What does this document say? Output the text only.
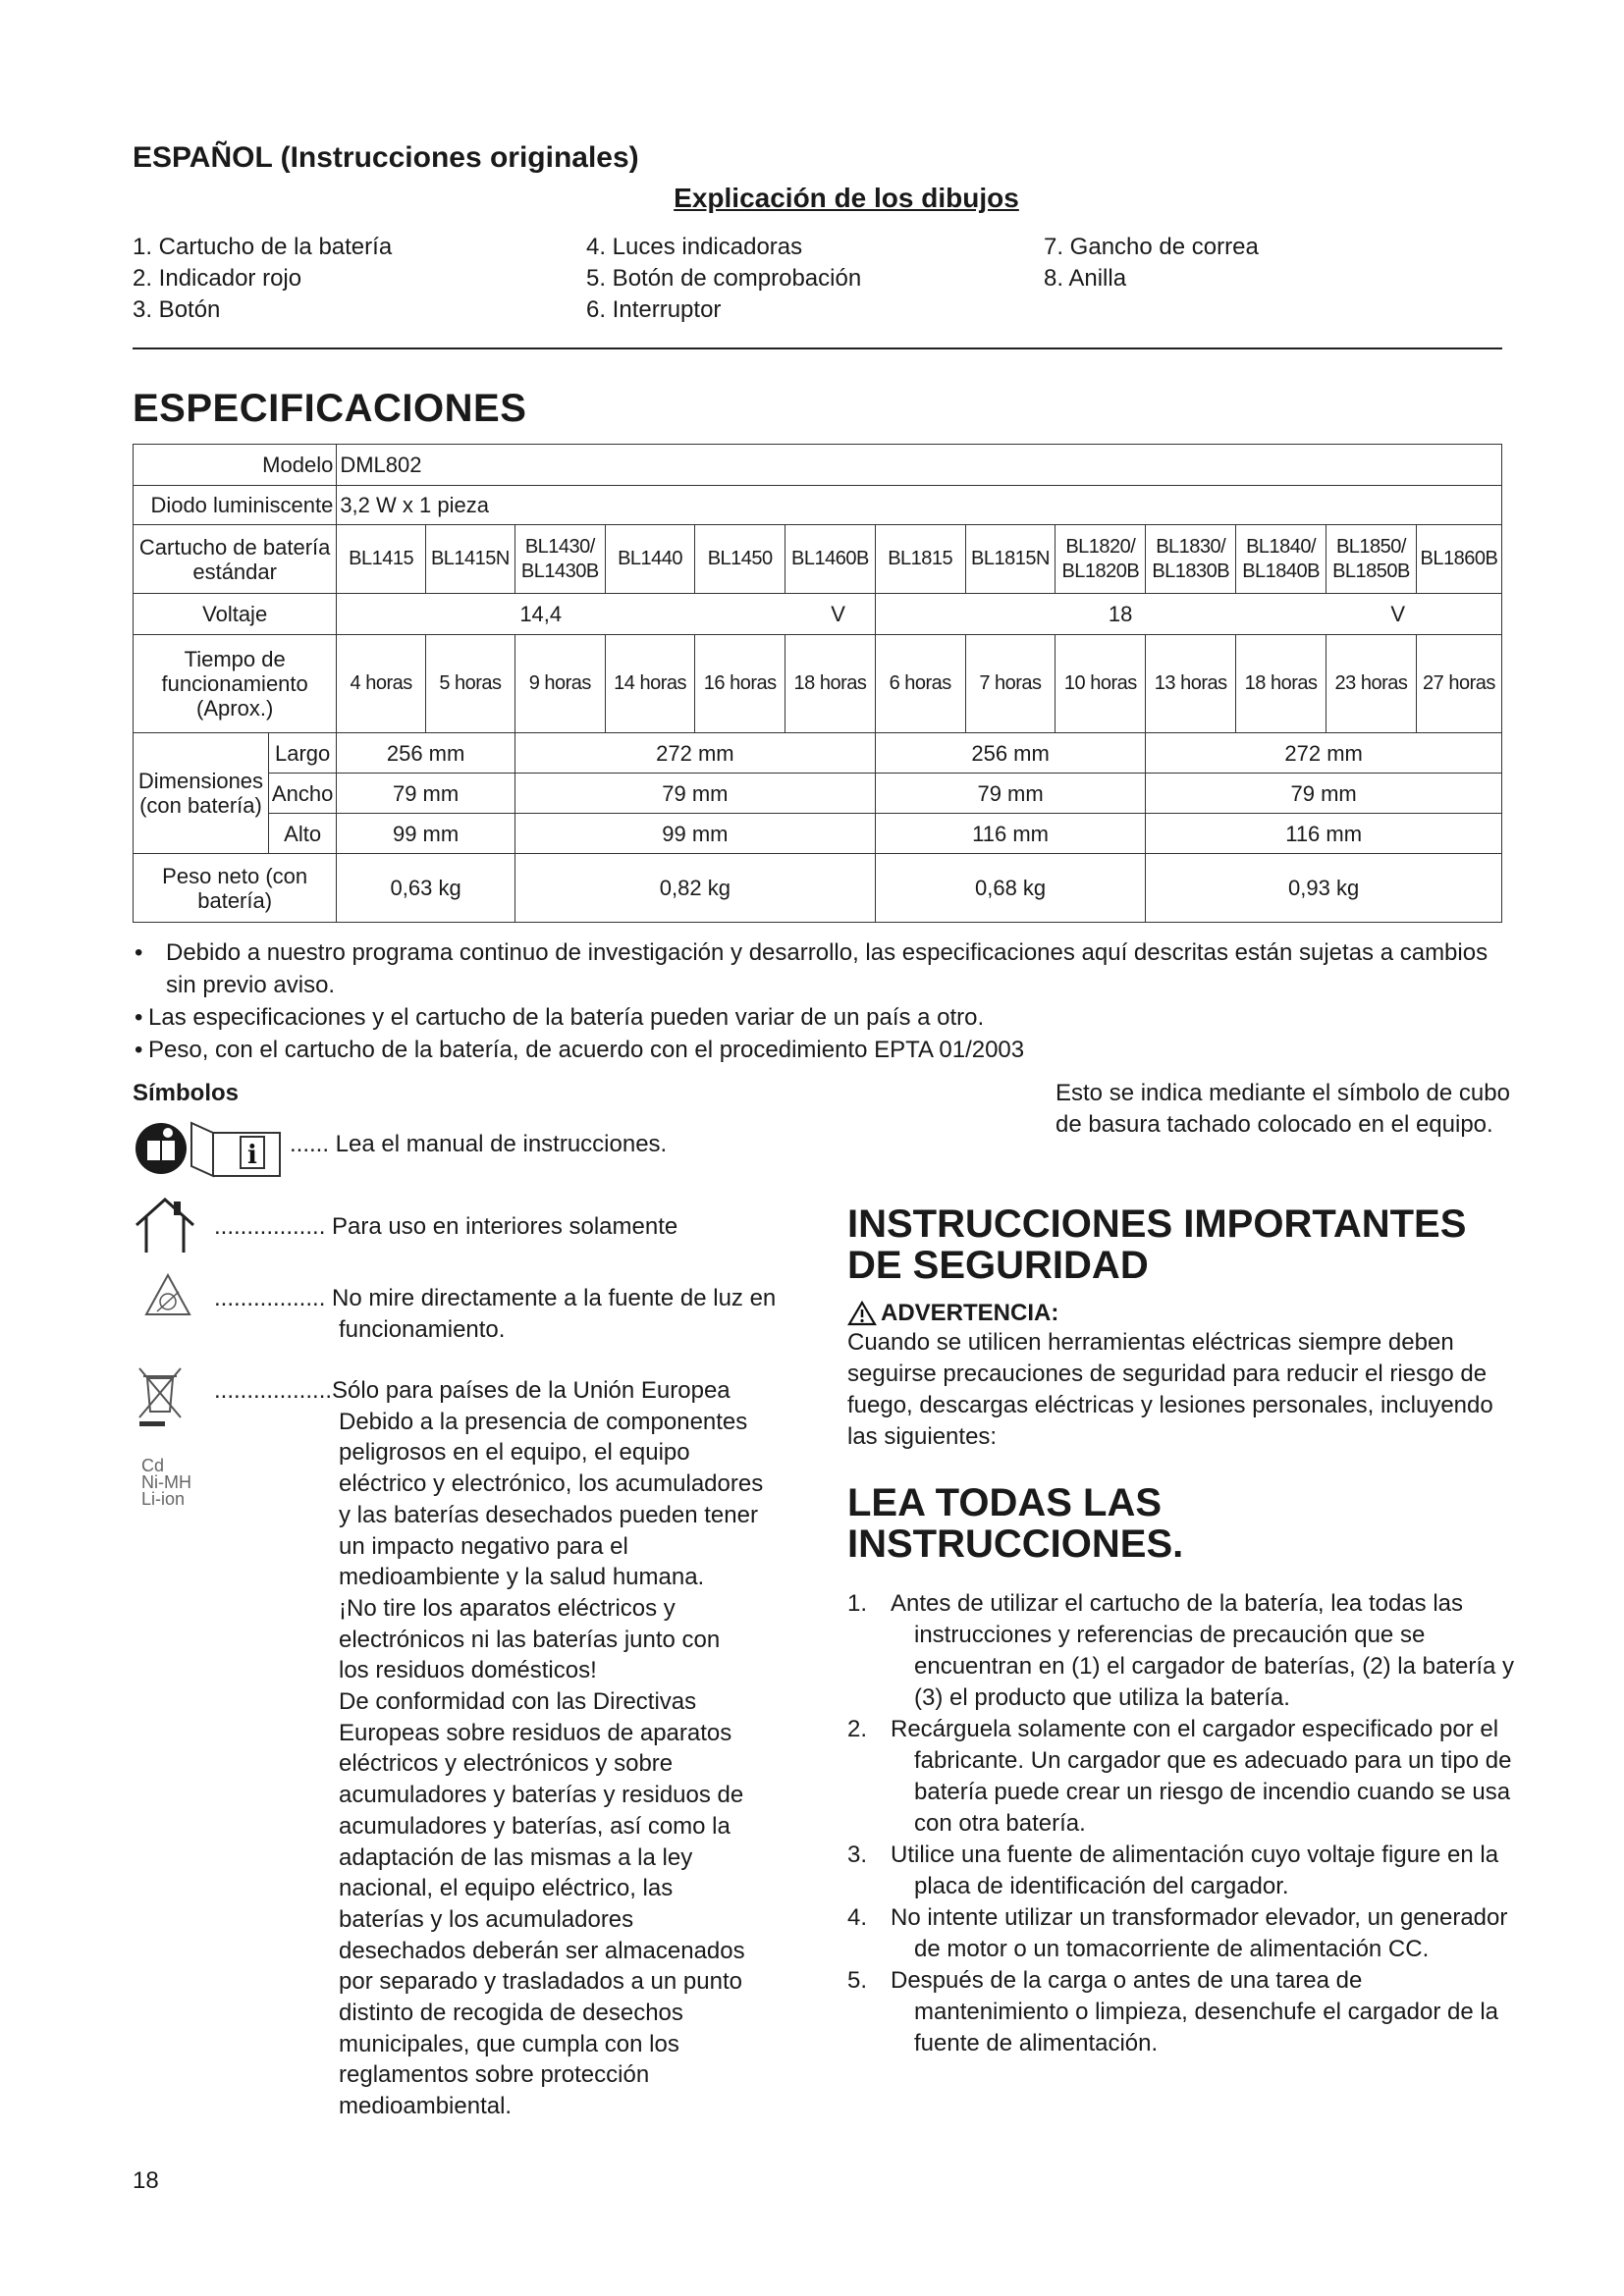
ESPAÑOL (Instrucciones originales)
Explicación de los dibujos
1. Cartucho de la batería
2. Indicador rojo
3. Botón
4. Luces indicadoras
5. Botón de comprobación
6. Interruptor
7. Gancho de correa
8. Anilla
ESPECIFICACIONES
Modelo		DML802												
Diodo luminiscente		3,2 W x 1 pieza												
Cartucho de batería estándar		BL1415	BL1415N	BL1430/ BL1430B	BL1440	BL1450	BL1460B	BL1815	BL1815N	BL1820/ BL1820B	BL1830/ BL1830B	BL1840/ BL1840B	BL1850/ BL1850B	BL1860B
Voltaje		14,4 V						18 V						

Tiempo de funcionamiento (Aprox.)		4 horas	5 horas	9 horas	14 horas	16 horas	18 horas	6 horas	7 horas	10 horas	13 horas	18 horas	23 horas	27 horas
Dimensiones (con batería)	Largo	256 mm		272 mm				256 mm			272 mm			
	Ancho	79 mm		79 mm				79 mm			79 mm			
	Alto	99 mm		99 mm				116 mm			116 mm			
Peso neto (con batería)		0,63 kg		0,82 kg				0,68 kg			0,93 kg			
• Debido a nuestro programa continuo de investigación y desarrollo, las especificaciones aquí descritas están sujetas a cambios sin previo aviso.
• Las especificaciones y el cartucho de la batería pueden variar de un país a otro.
• Peso, con el cartucho de la batería, de acuerdo con el procedimiento EPTA 01/2003
Símbolos
i ...... Lea el manual de instrucciones.
................. Para uso en interiores solamente
................. No mire directamente a la fuente de luz en funcionamiento.
Cd
Ni-MH
Li-ion
..................Sólo para países de la Unión Europea
Debido a la presencia de componentes
peligrosos en el equipo, el equipo
eléctrico y electrónico, los acumuladores
y las baterías desechados pueden tener
un impacto negativo para el
medioambiente y la salud humana.
¡No tire los aparatos eléctricos y
electrónicos ni las baterías junto con
los residuos domésticos!
De conformidad con las Directivas
Europeas sobre residuos de aparatos
eléctricos y electrónicos y sobre
acumuladores y baterías y residuos de
acumuladores y baterías, así como la
adaptación de las mismas a la ley
nacional, el equipo eléctrico, las
baterías y los acumuladores
desechados deberán ser almacenados
por separado y trasladados a un punto
distinto de recogida de desechos
municipales, que cumpla con los
reglamentos sobre protección
medioambiental.
Esto se indica mediante el símbolo de cubo de basura tachado colocado en el equipo.
INSTRUCCIONES IMPORTANTES DE SEGURIDAD
ADVERTENCIA:
Cuando se utilicen herramientas eléctricas siempre deben seguirse precauciones de seguridad para reducir el riesgo de fuego, descargas eléctricas y lesiones personales, incluyendo las siguientes:
LEA TODAS LAS INSTRUCCIONES.
1. Antes de utilizar el cartucho de la batería, lea todas las instrucciones y referencias de precaución que se encuentran en (1) el cargador de baterías, (2) la batería y (3) el producto que utiliza la batería.
2. Recárguela solamente con el cargador especificado por el fabricante. Un cargador que es adecuado para un tipo de batería puede crear un riesgo de incendio cuando se usa con otra batería.
3. Utilice una fuente de alimentación cuyo voltaje figure en la placa de identificación del cargador.
4. No intente utilizar un transformador elevador, un generador de motor o un tomacorriente de alimentación CC.
5. Después de la carga o antes de una tarea de mantenimiento o limpieza, desenchufe el cargador de la fuente de alimentación.
18
